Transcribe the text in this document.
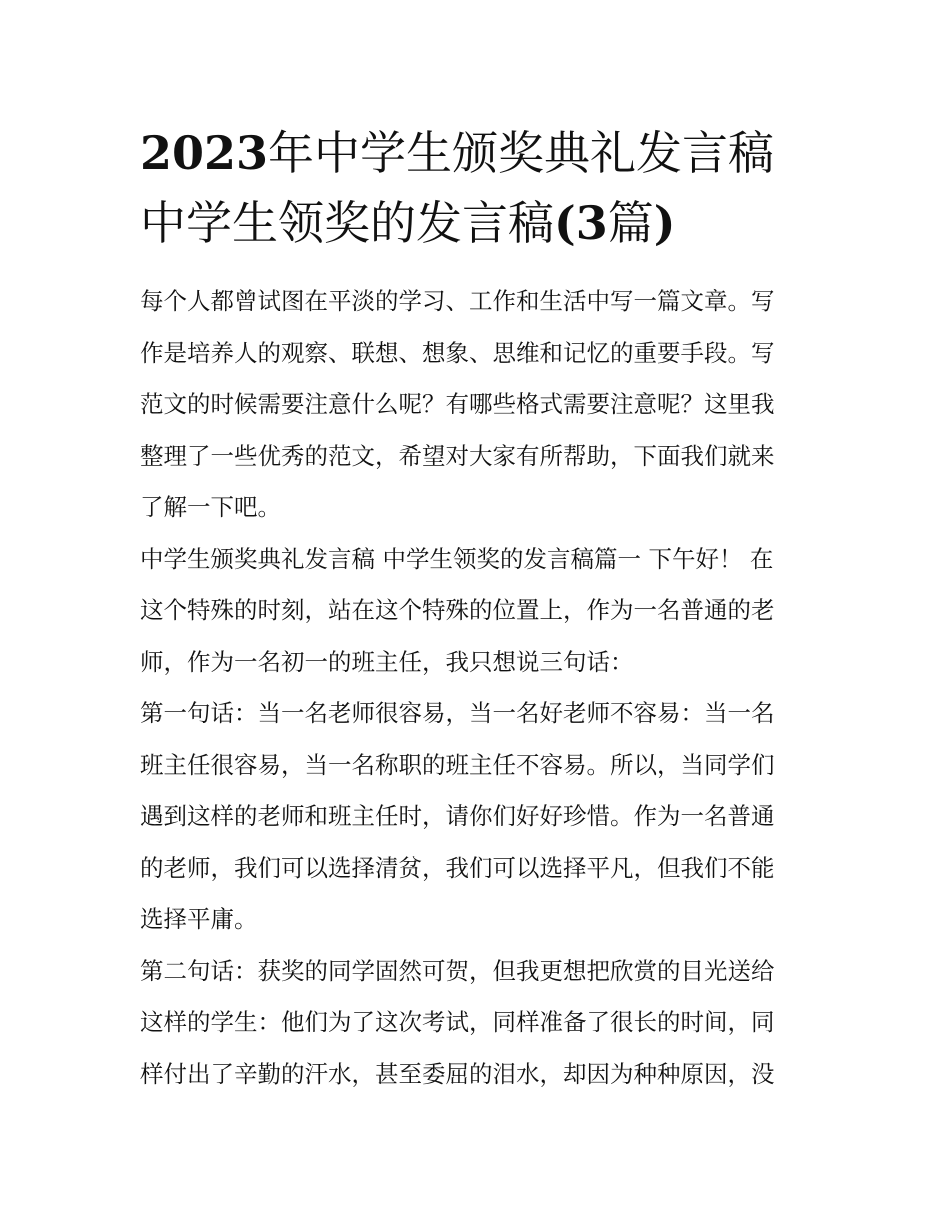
2023年中学生颁奖典礼发言稿
中学生领奖的发言稿(3篇)

每个人都曾试图在平淡的学习、工作和生活中写一篇文章。写
作是培养人的观察、联想、想象、思维和记忆的重要手段。写
范文的时候需要注意什么呢？有哪些格式需要注意呢？这里我
整理了一些优秀的范文，希望对大家有所帮助，下面我们就来
了解一下吧。

中学生颁奖典礼发言稿 中学生领奖的发言稿篇一 下午好！ 在
这个特殊的时刻，站在这个特殊的位置上，作为一名普通的老
师，作为一名初一的班主任，我只想说三句话：

第一句话：当一名老师很容易，当一名好老师不容易：当一名
班主任很容易，当一名称职的班主任不容易。所以，当同学们
遇到这样的老师和班主任时，请你们好好珍惜。作为一名普通
的老师，我们可以选择清贫，我们可以选择平凡，但我们不能
选择平庸。

第二句话：获奖的同学固然可贺，但我更想把欣赏的目光送给
这样的学生：他们为了这次考试，同样准备了很长的时间，同
样付出了辛勤的汗水，甚至委屈的泪水，却因为种种原因，没
